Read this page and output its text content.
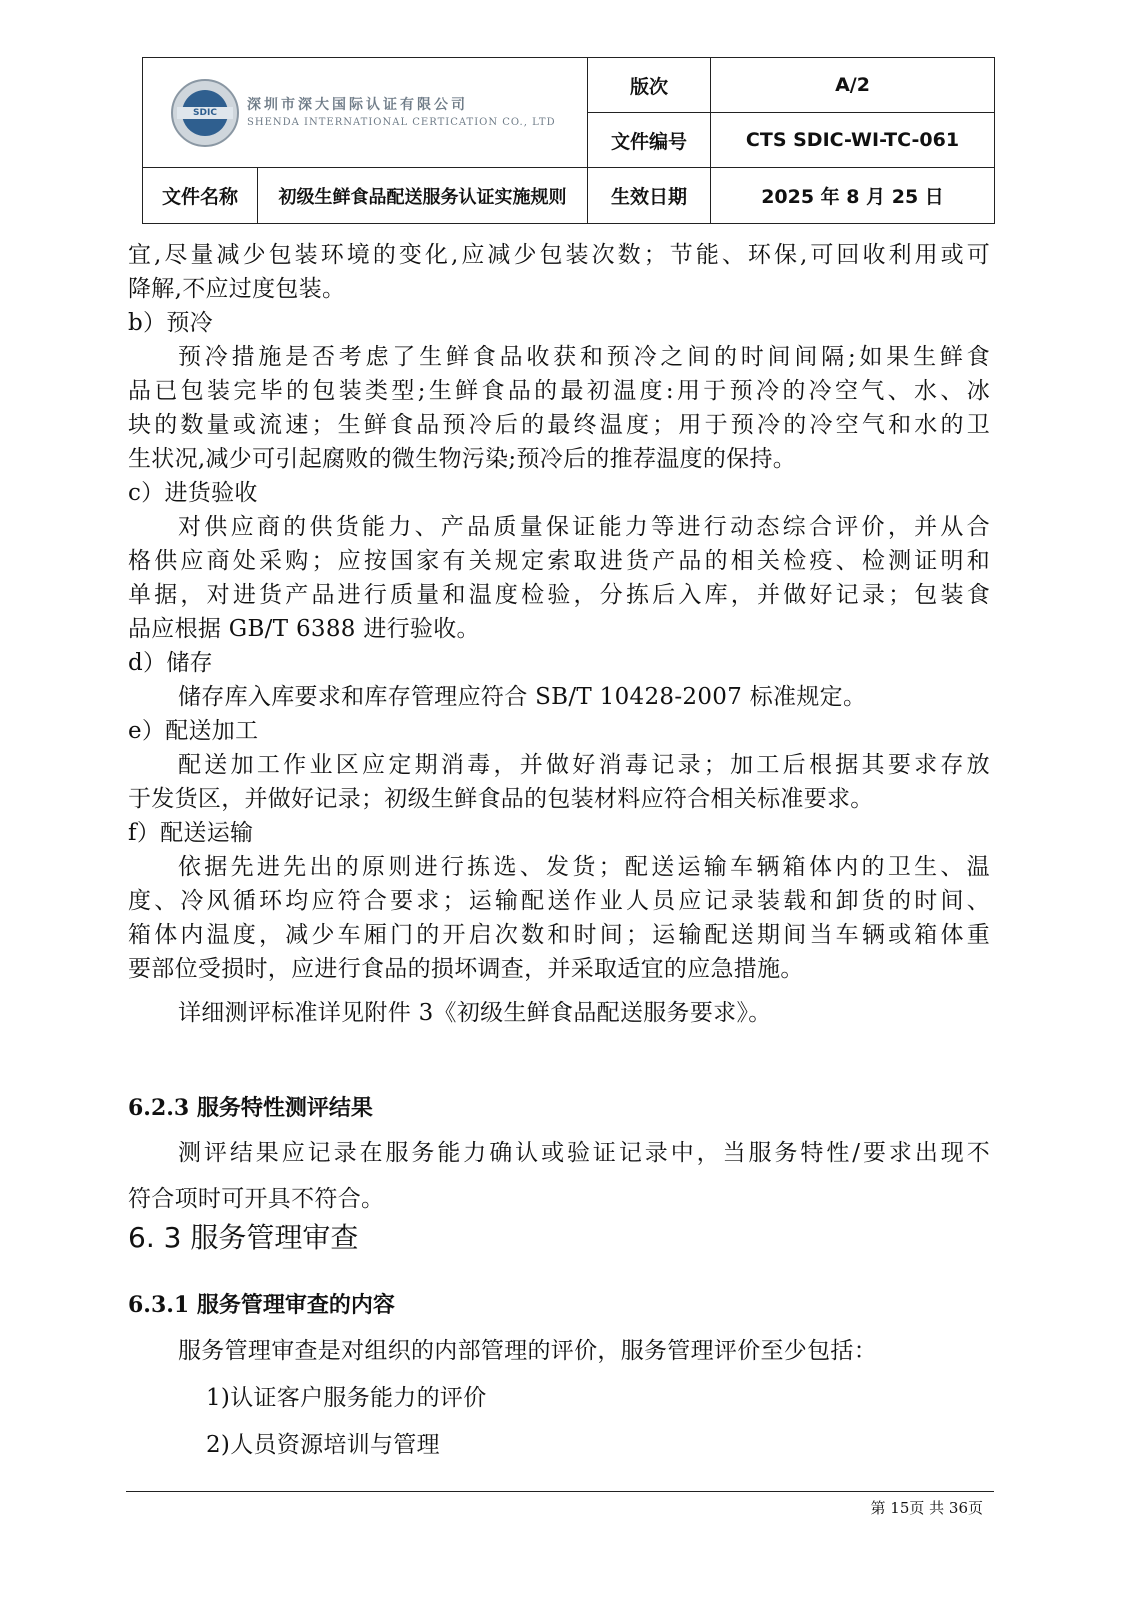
SDIC 深圳市深大国际认证有限公司
SHENDA INTERNATIONAL CERTICATION CO., LTD		版次	A/2
		文件编号	CTS SDIC-WI-TC-061
文件名称	初级生鲜食品配送服务认证实施规则	生效日期	2025 年 8 月 25 日
宜,尽量减少包装环境的变化,应减少包装次数；节能、环保,可回收利用或可
降解,不应过度包装。
b）预冷
预冷措施是否考虑了生鲜食品收获和预冷之间的时间间隔;如果生鲜食
品已包装完毕的包装类型;生鲜食品的最初温度:用于预冷的冷空气、水、冰
块的数量或流速；生鲜食品预冷后的最终温度；用于预冷的冷空气和水的卫
生状况,减少可引起腐败的微生物污染;预冷后的推荐温度的保持。
c）进货验收
对供应商的供货能力、产品质量保证能力等进行动态综合评价，并从合
格供应商处采购；应按国家有关规定索取进货产品的相关检疫、检测证明和
单据，对进货产品进行质量和温度检验，分拣后入库，并做好记录；包装食
品应根据 GB/T 6388 进行验收。
d）储存
储存库入库要求和库存管理应符合 SB/T 10428-2007 标准规定。
e）配送加工
配送加工作业区应定期消毒，并做好消毒记录；加工后根据其要求存放
于发货区，并做好记录；初级生鲜食品的包装材料应符合相关标准要求。
f）配送运输
依据先进先出的原则进行拣选、发货；配送运输车辆箱体内的卫生、温
度、冷风循环均应符合要求；运输配送作业人员应记录装载和卸货的时间、
箱体内温度，减少车厢门的开启次数和时间；运输配送期间当车辆或箱体重
要部位受损时，应进行食品的损坏调查，并采取适宜的应急措施。
详细测评标准详见附件 3《初级生鲜食品配送服务要求》。
6.2.3 服务特性测评结果
测评结果应记录在服务能力确认或验证记录中，当服务特性/要求出现不
符合项时可开具不符合。
6. 3 服务管理审查
6.3.1 服务管理审查的内容
服务管理审查是对组织的内部管理的评价，服务管理评价至少包括：
1)认证客户服务能力的评价
2)人员资源培训与管理
第 15页 共 36页
